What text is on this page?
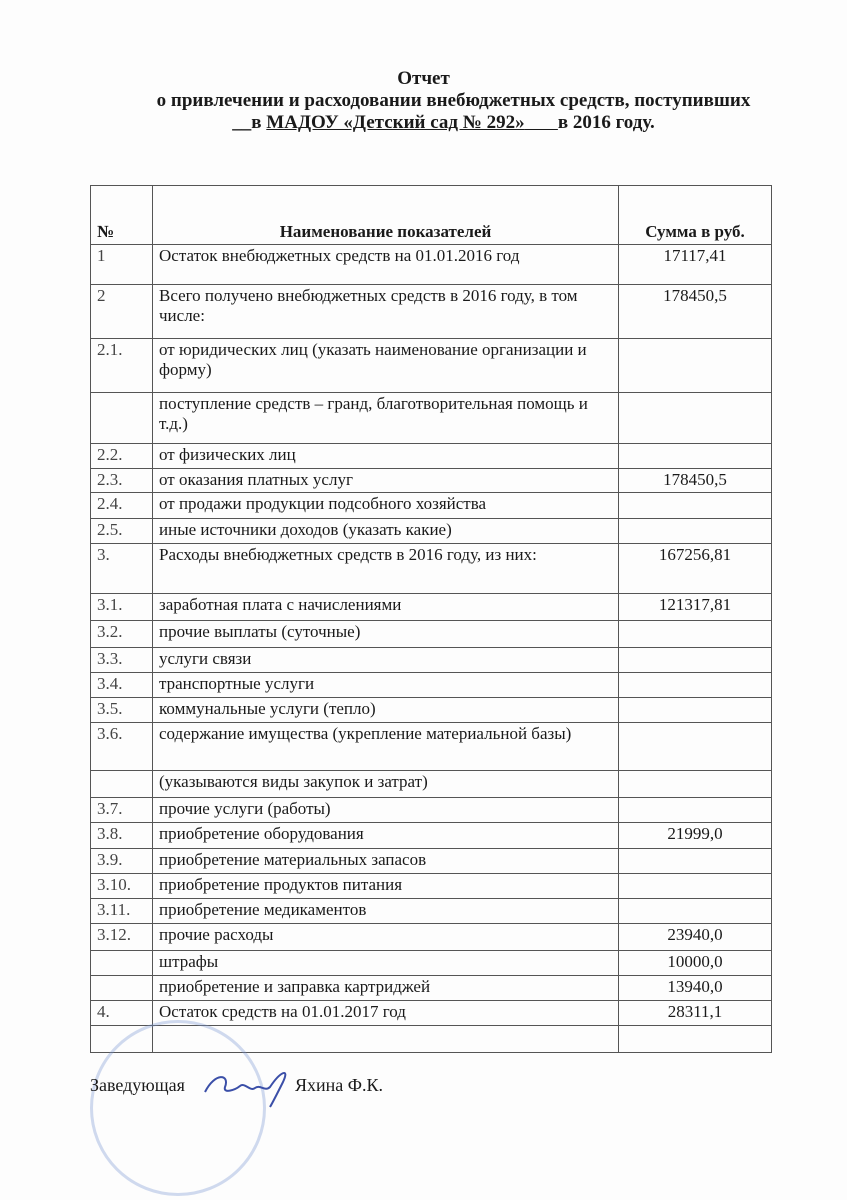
Отчет
о привлечении и расходовании внебюджетных средств, поступивших
__в МАДОУ «Детский сад № 292» в 2016 году.
№	Наименование показателей	Сумма в руб.
1	Остаток внебюджетных средств на 01.01.2016 год	17117,41
2	Всего получено внебюджетных средств в 2016 году, в том числе:	178450,5
2.1.	от юридических лиц (указать наименование организации и форму)	
	поступление средств – гранд, благотворительная помощь и т.д.)	
2.2.	от физических лиц	
2.3.	от оказания платных услуг	178450,5
2.4.	от продажи продукции подсобного хозяйства	
2.5.	иные источники доходов (указать какие)	
3.	Расходы внебюджетных средств в 2016 году, из них:	167256,81
3.1.	заработная плата с начислениями	121317,81
3.2.	прочие выплаты (суточные)	
3.3.	услуги связи	
3.4.	транспортные услуги	
3.5.	коммунальные услуги (тепло)	
3.6.	содержание имущества (укрепление материальной базы)	
	(указываются виды закупок и затрат)	
3.7.	прочие услуги (работы)	
3.8.	приобретение оборудования	21999,0
3.9.	приобретение материальных запасов	
3.10.	приобретение продуктов питания	
3.11.	приобретение медикаментов	
3.12.	прочие расходы	23940,0
	штрафы	10000,0
	приобретение и заправка картриджей	13940,0
4.	Остаток средств на 01.01.2017 год	28311,1

Заведующая	Яхина Ф.К.
